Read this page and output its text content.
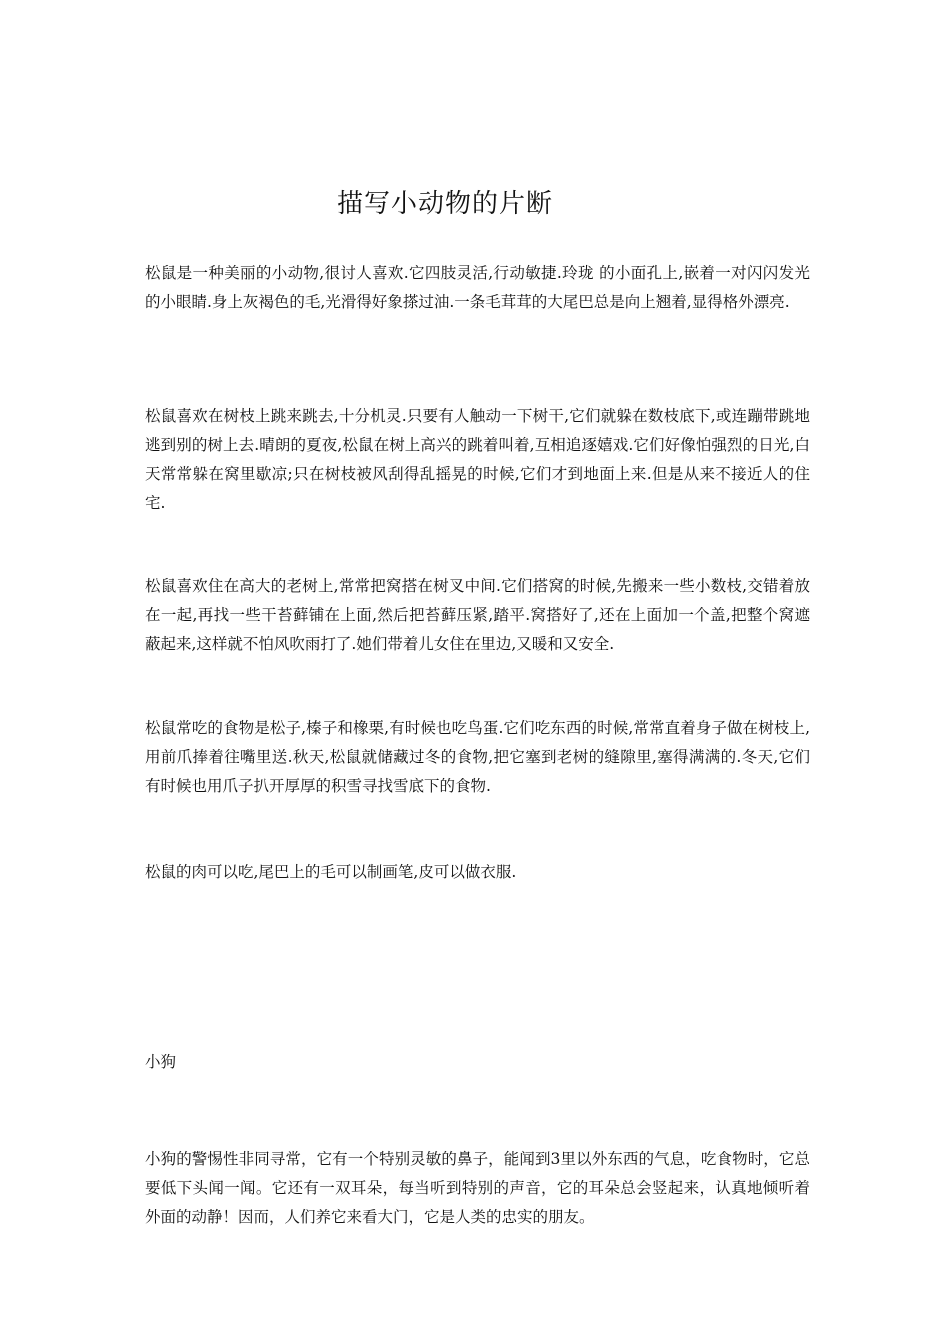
描写小动物的片断

松鼠是一种美丽的小动物,很讨人喜欢.它四肢灵活,行动敏捷.玲珑 的小面孔上,嵌着一对闪闪发光的小眼睛.身上灰褐色的毛,光滑得好象搽过油.一条毛茸茸的大尾巴总是向上翘着,显得格外漂亮.

松鼠喜欢在树枝上跳来跳去,十分机灵.只要有人触动一下树干,它们就躲在数枝底下,或连蹦带跳地逃到别的树上去.晴朗的夏夜,松鼠在树上高兴的跳着叫着,互相追逐嬉戏.它们好像怕强烈的日光,白天常常躲在窝里歇凉;只在树枝被风刮得乱摇晃的时候,它们才到地面上来.但是从来不接近人的住宅.

松鼠喜欢住在高大的老树上,常常把窝搭在树叉中间.它们搭窝的时候,先搬来一些小数枝,交错着放在一起,再找一些干苔藓铺在上面,然后把苔藓压紧,踏平.窝搭好了,还在上面加一个盖,把整个窝遮蔽起来,这样就不怕风吹雨打了.她们带着儿女住在里边,又暖和又安全.

松鼠常吃的食物是松子,榛子和橡栗,有时候也吃鸟蛋.它们吃东西的时候,常常直着身子做在树枝上,用前爪捧着往嘴里送.秋天,松鼠就储藏过冬的食物,把它塞到老树的缝隙里,塞得满满的.冬天,它们有时候也用爪子扒开厚厚的积雪寻找雪底下的食物.

松鼠的肉可以吃,尾巴上的毛可以制画笔,皮可以做衣服.

小狗

小狗的警惕性非同寻常，它有一个特别灵敏的鼻子，能闻到3里以外东西的气息，吃食物时，它总要低下头闻一闻。它还有一双耳朵，每当听到特别的声音，它的耳朵总会竖起来，认真地倾听着外面的动静！因而，人们养它来看大门，它是人类的忠实的朋友。
